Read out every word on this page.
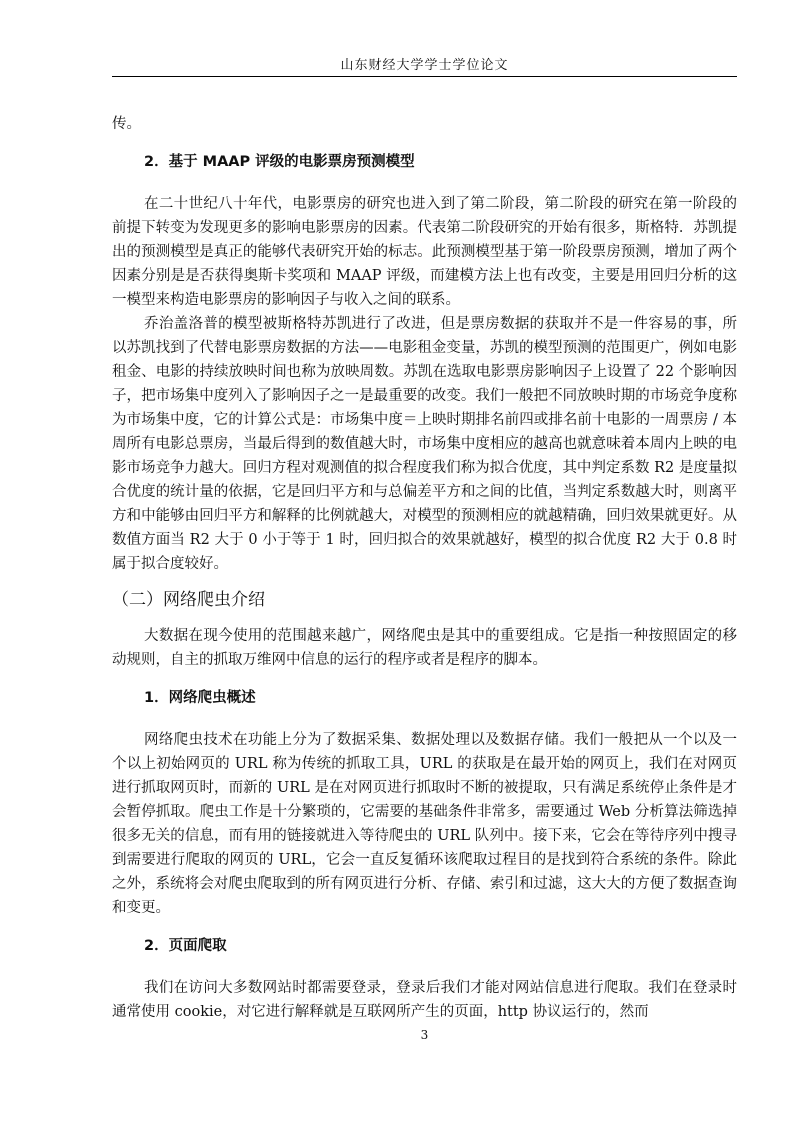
山东财经大学学士学位论文

传。

2．基于 MAAP 评级的电影票房预测模型

在二十世纪八十年代，电影票房的研究也进入到了第二阶段，第二阶段的研究在第一阶段的前提下转变为发现更多的影响电影票房的因素。代表第二阶段研究的开始有很多，斯格特．苏凯提出的预测模型是真正的能够代表研究开始的标志。此预测模型基于第一阶段票房预测，增加了两个因素分别是是否获得奥斯卡奖项和 MAAP 评级，而建模方法上也有改变，主要是用回归分析的这一模型来构造电影票房的影响因子与收入之间的联系。

乔治盖洛普的模型被斯格特苏凯进行了改进，但是票房数据的获取并不是一件容易的事，所以苏凯找到了代替电影票房数据的方法——电影租金变量，苏凯的模型预测的范围更广，例如电影租金、电影的持续放映时间也称为放映周数。苏凯在选取电影票房影响因子上设置了 22 个影响因子，把市场集中度列入了影响因子之一是最重要的改变。我们一般把不同放映时期的市场竞争度称为市场集中度，它的计算公式是：市场集中度＝上映时期排名前四或排名前十电影的一周票房 / 本周所有电影总票房，当最后得到的数值越大时，市场集中度相应的越高也就意味着本周内上映的电影市场竞争力越大。回归方程对观测值的拟合程度我们称为拟合优度，其中判定系数 R2 是度量拟合优度的统计量的依据，它是回归平方和与总偏差平方和之间的比值，当判定系数越大时，则离平方和中能够由回归平方和解释的比例就越大，对模型的预测相应的就越精确，回归效果就更好。从数值方面当 R2 大于 0 小于等于 1 时，回归拟合的效果就越好，模型的拟合优度 R2 大于 0.8 时属于拟合度较好。

（二）网络爬虫介绍

大数据在现今使用的范围越来越广，网络爬虫是其中的重要组成。它是指一种按照固定的移动规则，自主的抓取万维网中信息的运行的程序或者是程序的脚本。

1．网络爬虫概述

网络爬虫技术在功能上分为了数据采集、数据处理以及数据存储。我们一般把从一个以及一个以上初始网页的 URL 称为传统的抓取工具，URL 的获取是在最开始的网页上，我们在对网页进行抓取网页时，而新的 URL 是在对网页进行抓取时不断的被提取，只有满足系统停止条件是才会暂停抓取。爬虫工作是十分繁琐的，它需要的基础条件非常多，需要通过 Web 分析算法筛选掉很多无关的信息，而有用的链接就进入等待爬虫的 URL 队列中。接下来，它会在等待序列中搜寻到需要进行爬取的网页的 URL，它会一直反复循环该爬取过程目的是找到符合系统的条件。除此之外，系统将会对爬虫爬取到的所有网页进行分析、存储、索引和过滤，这大大的方便了数据查询和变更。

2．页面爬取

我们在访问大多数网站时都需要登录，登录后我们才能对网站信息进行爬取。我们在登录时通常使用 cookie，对它进行解释就是互联网所产生的页面，http 协议运行的，然而

3
